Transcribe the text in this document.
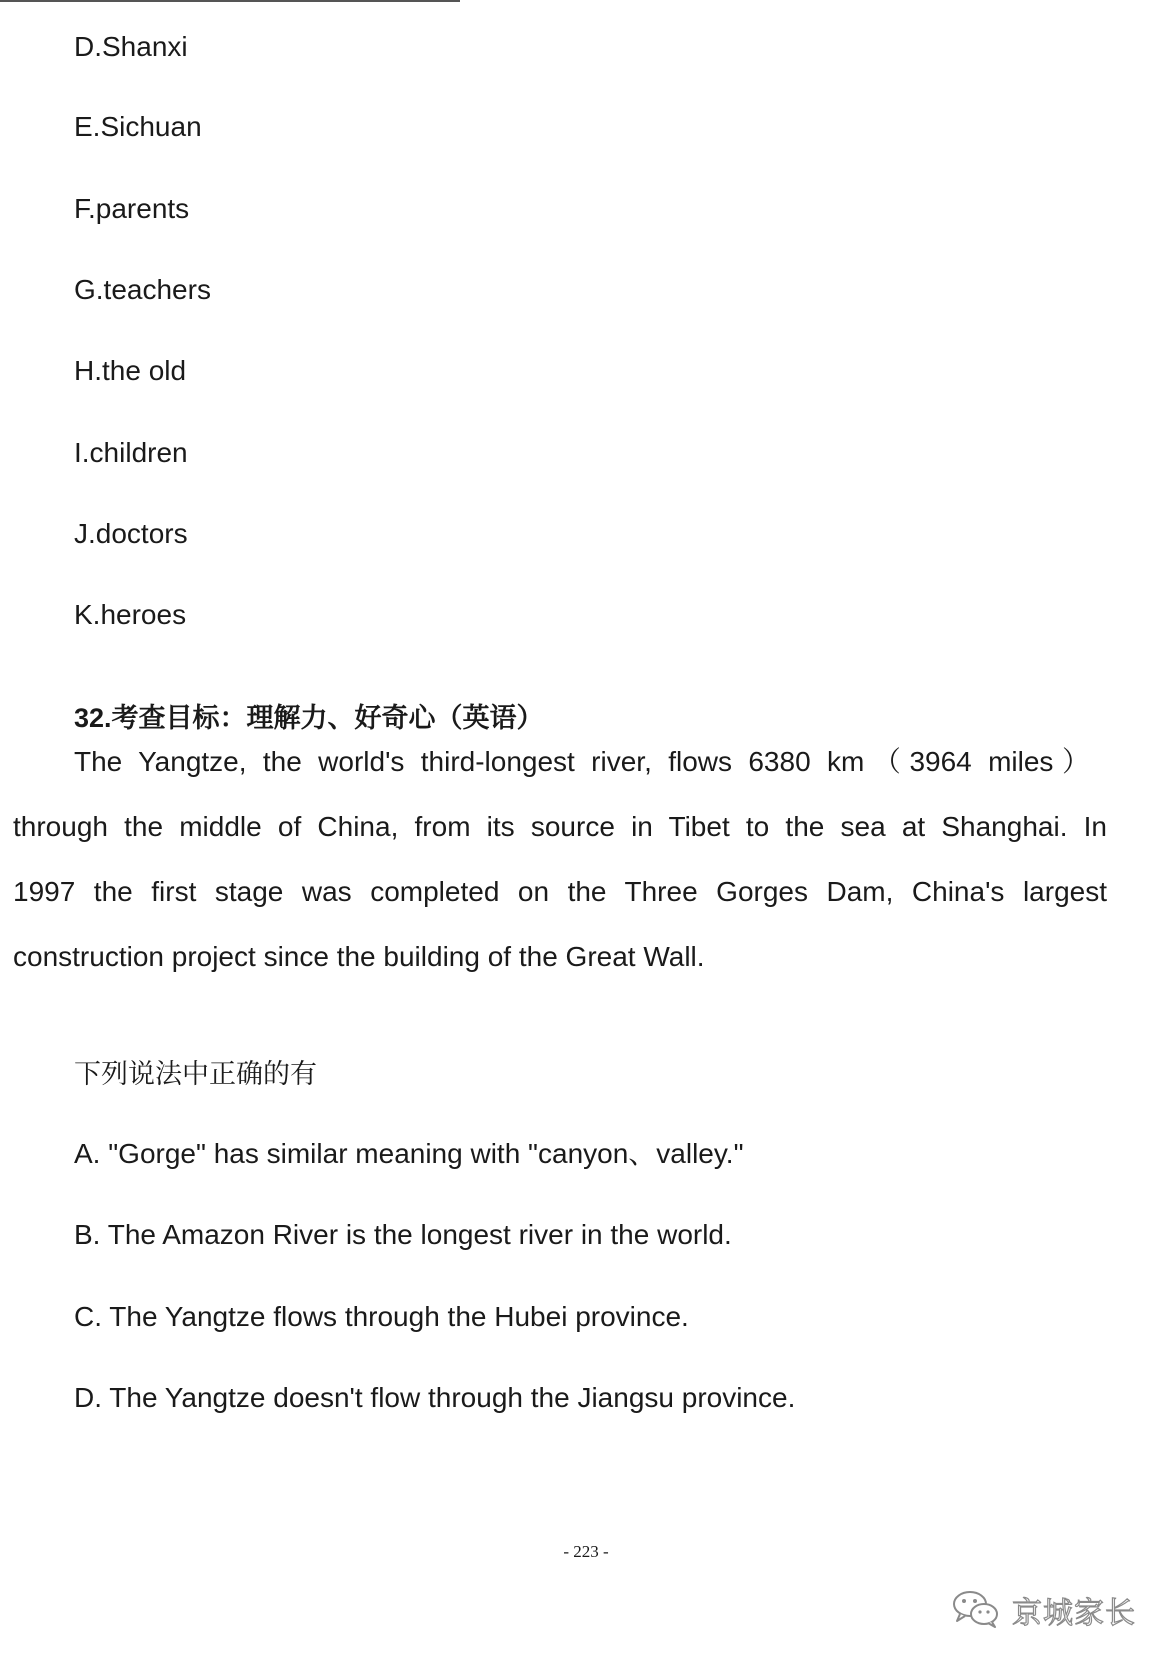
D.Shanxi
E.Sichuan
F.parents
G.teachers
H.the old
I.children
J.doctors
K.heroes
32.考查目标：理解力、好奇心（英语）
The Yangtze, the world's third-longest river, flows 6380 km（3964 miles）
through the middle of China, from its source in Tibet to the sea at Shanghai. In
1997 the first stage was completed on the Three Gorges Dam, China's largest
construction project since the building of the Great Wall.
下列说法中正确的有
A. "Gorge" has similar meaning with "canyon、valley."
B. The Amazon River is the longest river in the world.
C. The Yangtze flows through the Hubei province.
D. The Yangtze doesn't flow through the Jiangsu province.
- 223 -
京城家长
